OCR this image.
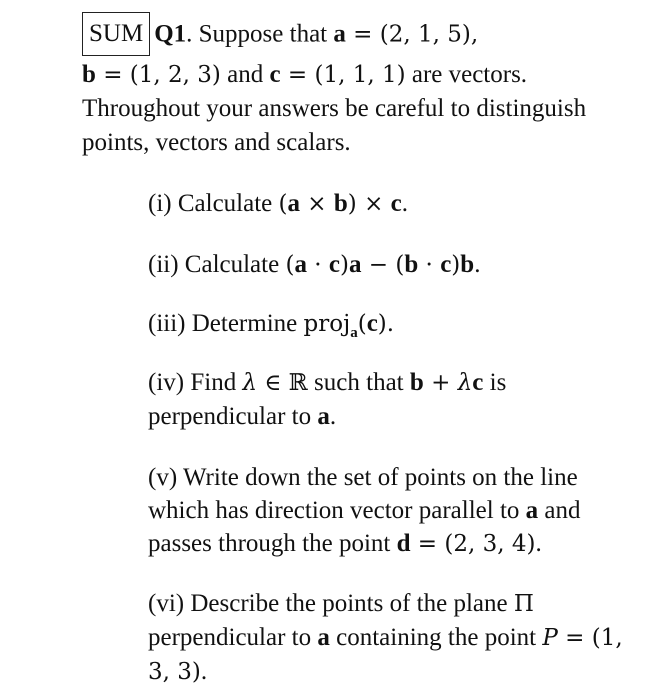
SUM Q1. Suppose that a = (2, 1, 5),
b = (1, 2, 3) and c = (1, 1, 1) are vectors. Throughout your answers be careful to distinguish points, vectors and scalars.
(i) Calculate (a × b) × c.
(ii) Calculate (a · c)a − (b · c)b.
(iii) Determine proj$_a$(c).
(iv) Find λ ∈ ℝ such that b + λc is perpendicular to a.
(v) Write down the set of points on the line which has direction vector parallel to a and passes through the point d = (2, 3, 4).
(vi) Describe the points of the plane Π perpendicular to a containing the point P = (1, 3, 3).
